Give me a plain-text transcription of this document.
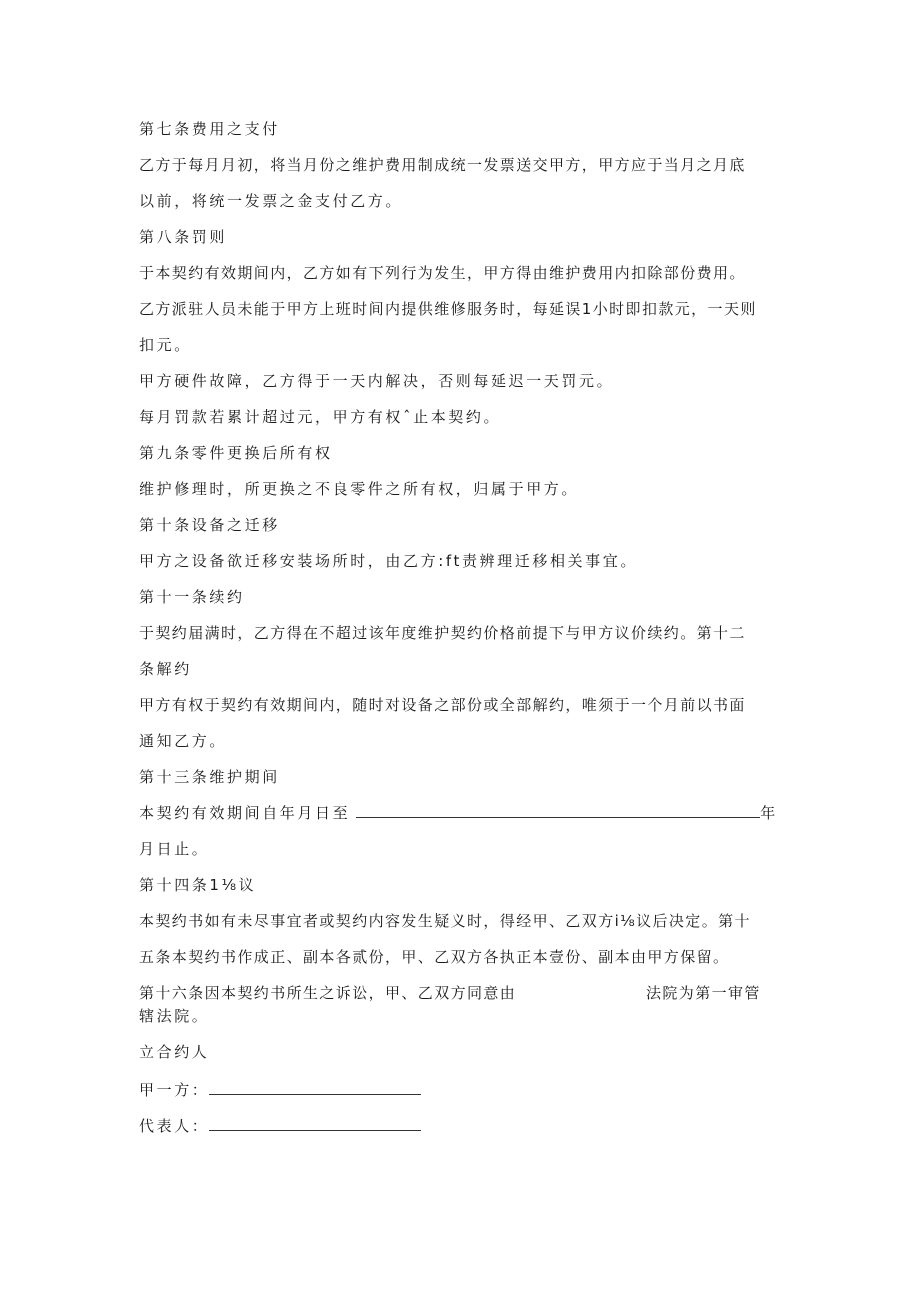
第七条费用之支付
乙方于每月月初，将当月份之维护费用制成统一发票送交甲方，甲方应于当月之月底
以前，将统一发票之金支付乙方。
第八条罚则
于本契约有效期间内，乙方如有下列行为发生，甲方得由维护费用内扣除部份费用。
乙方派驻人员未能于甲方上班时间内提供维修服务时，每延误1小时即扣款元，一天则
扣元。
甲方硬件故障，乙方得于一天内解决，否则每延迟一天罚元。
每月罚款若累计超过元，甲方有权ˆ止本契约。
第九条零件更换后所有权
维护修理时，所更换之不良零件之所有权，归属于甲方。
第十条设备之迁移
甲方之设备欲迁移安装场所时，由乙方:ft责辨理迁移相关事宜。
第十一条续约
于契约届满时，乙方得在不超过该年度维护契约价格前提下与甲方议价续约。第十二
条解约
甲方有权于契约有效期间内，随时对设备之部份或全部解约，唯须于一个月前以书面
通知乙方。
第十三条维护期间
本契约有效期间自年月日至	年
月日止。
第十四条1⅛议
本契约书如有未尽事宜者或契约内容发生疑义时，得经甲、乙双方i⅛议后决定。第十
五条本契约书作成正、副本各贰份，甲、乙双方各执正本壹份、副本由甲方保留。
第十六条因本契约书所生之诉讼，甲、乙双方同意由	法院为第一审管
辖法院。
立合约人
甲一方：
代表人：
